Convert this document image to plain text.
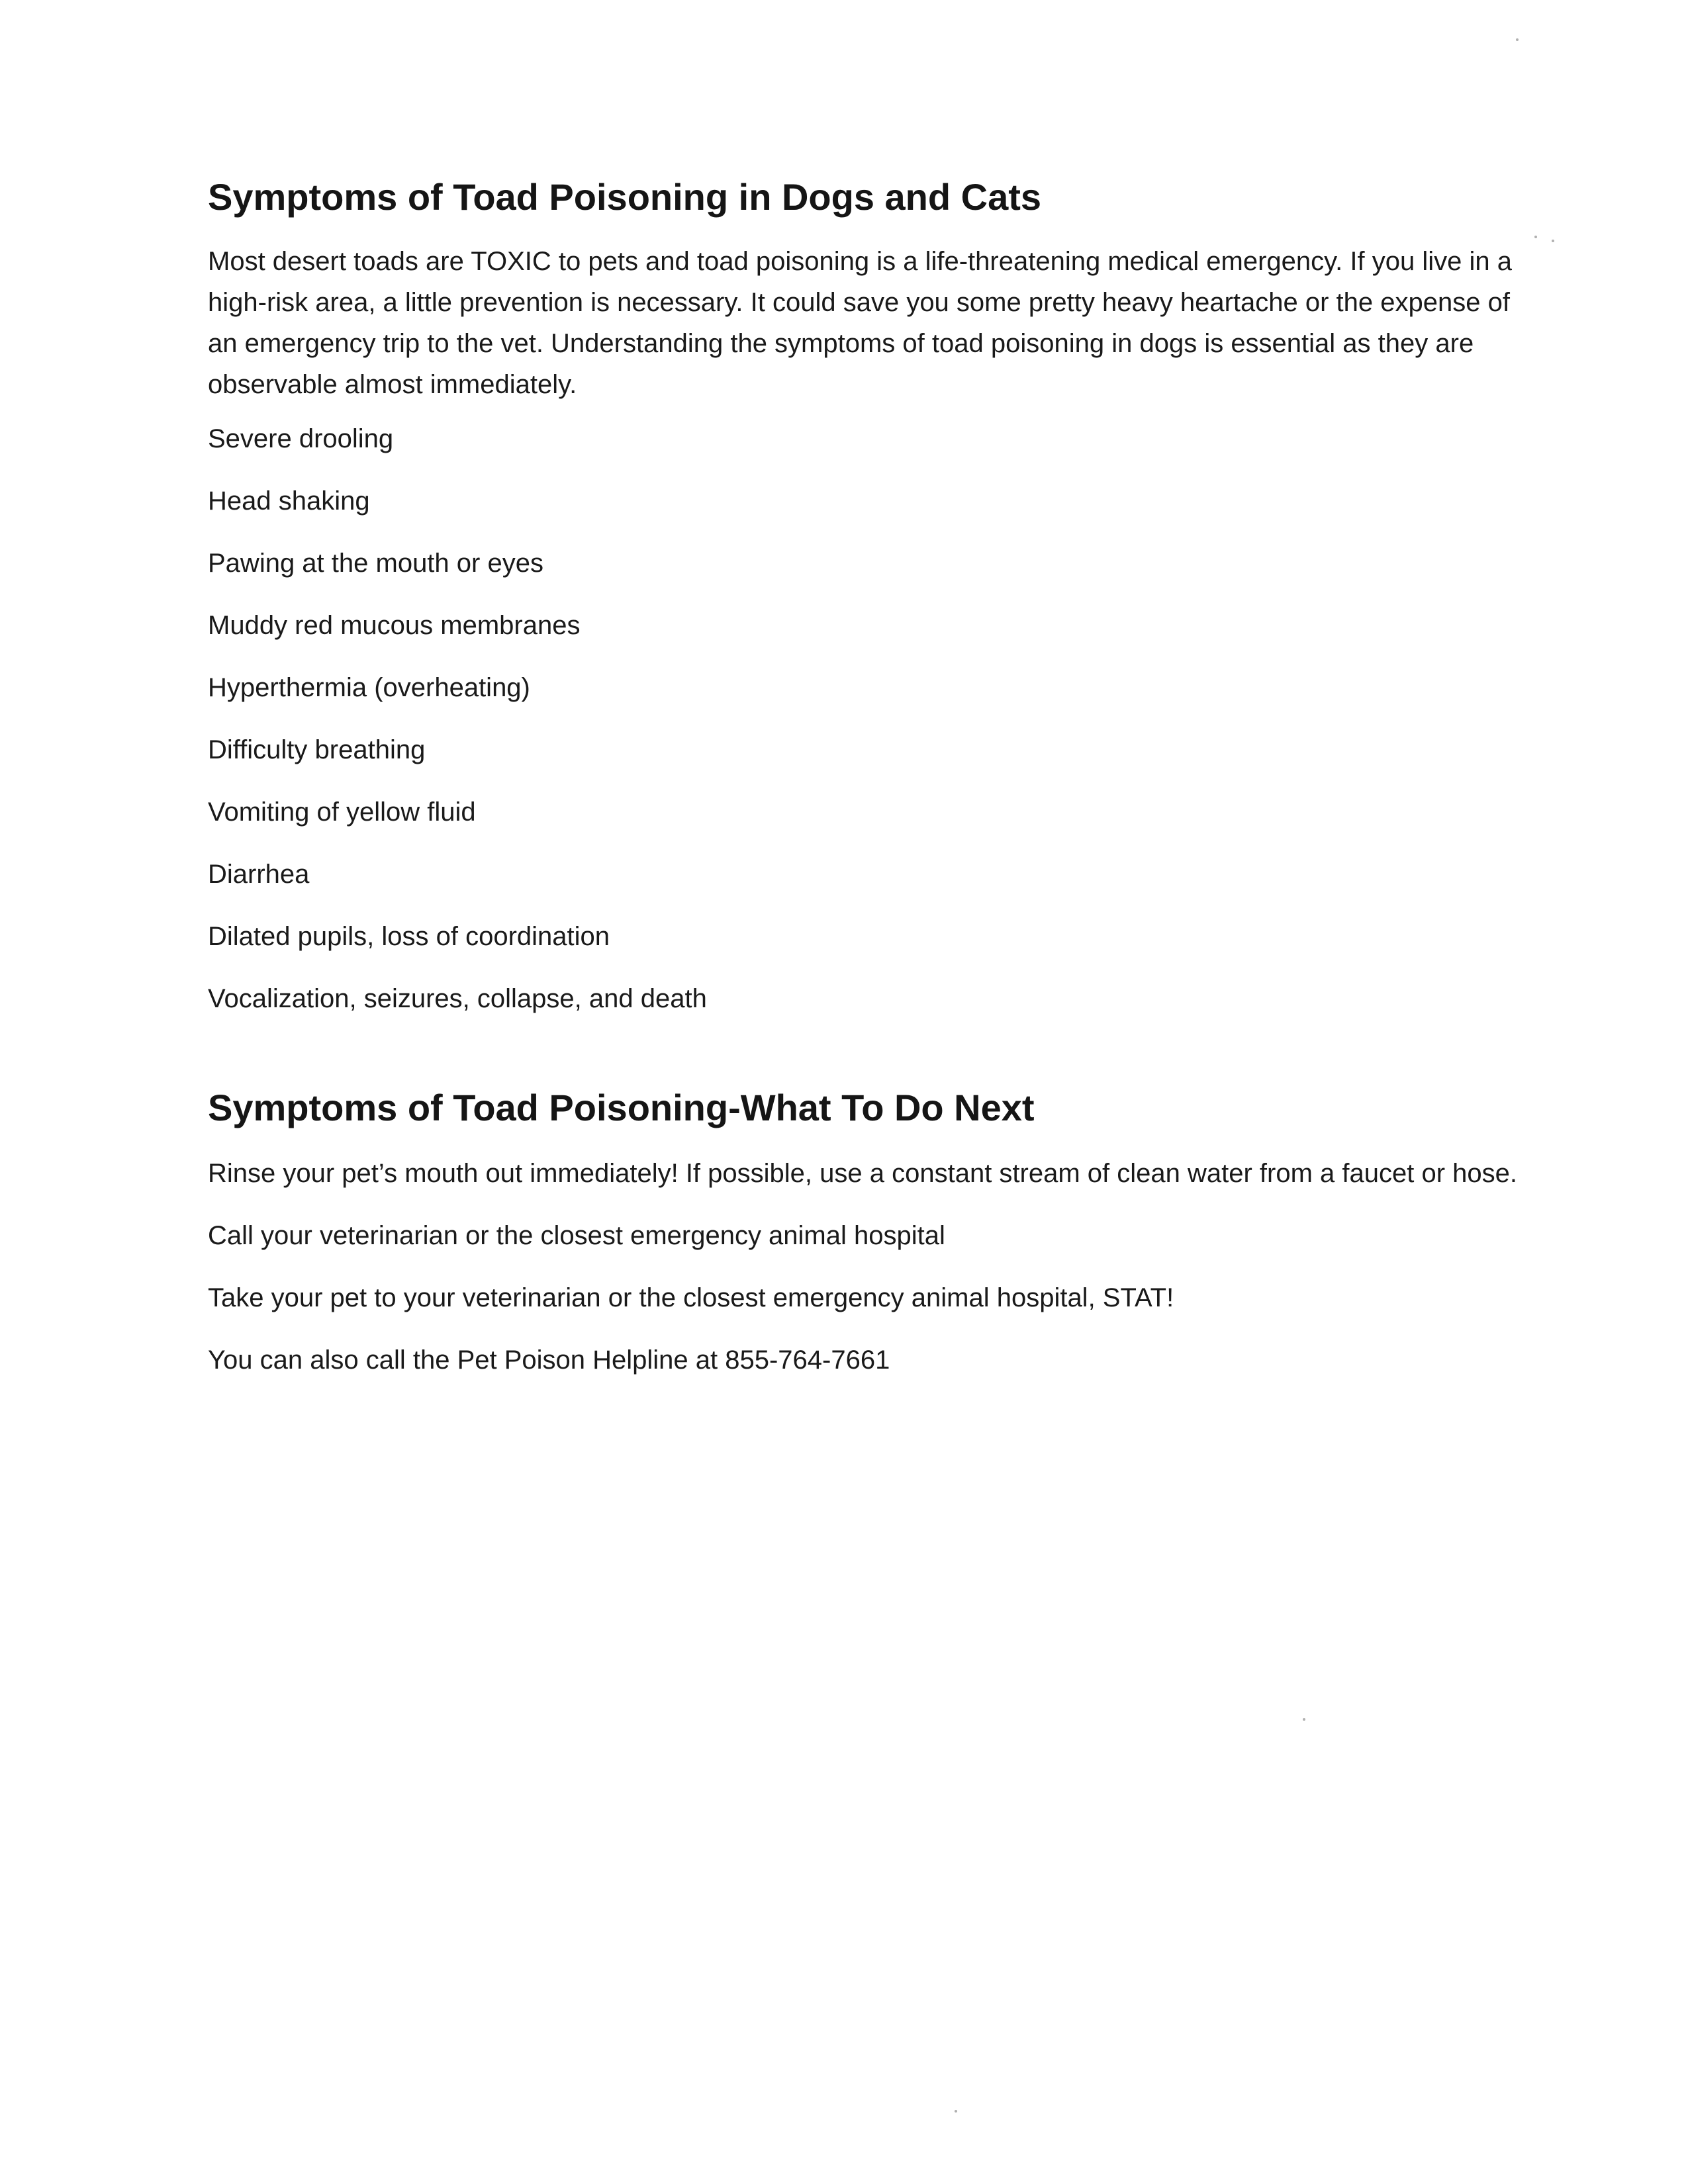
Symptoms of Toad Poisoning in Dogs and Cats

Most desert toads are TOXIC to pets and toad poisoning is a life-threatening medical emergency. If you live in a high-risk area, a little prevention is necessary. It could save you some pretty heavy heartache or the expense of an emergency trip to the vet. Understanding the symptoms of toad poisoning in dogs is essential as they are observable almost immediately.

Severe drooling
Head shaking
Pawing at the mouth or eyes
Muddy red mucous membranes
Hyperthermia (overheating)
Difficulty breathing
Vomiting of yellow fluid
Diarrhea
Dilated pupils, loss of coordination
Vocalization, seizures, collapse, and death
Symptoms of Toad Poisoning-What To Do Next

Rinse your pet’s mouth out immediately! If possible, use a constant stream of clean water from a faucet or hose.

Call your veterinarian or the closest emergency animal hospital

Take your pet to your veterinarian or the closest emergency animal hospital, STAT!

You can also call the Pet Poison Helpline at 855-764-7661
